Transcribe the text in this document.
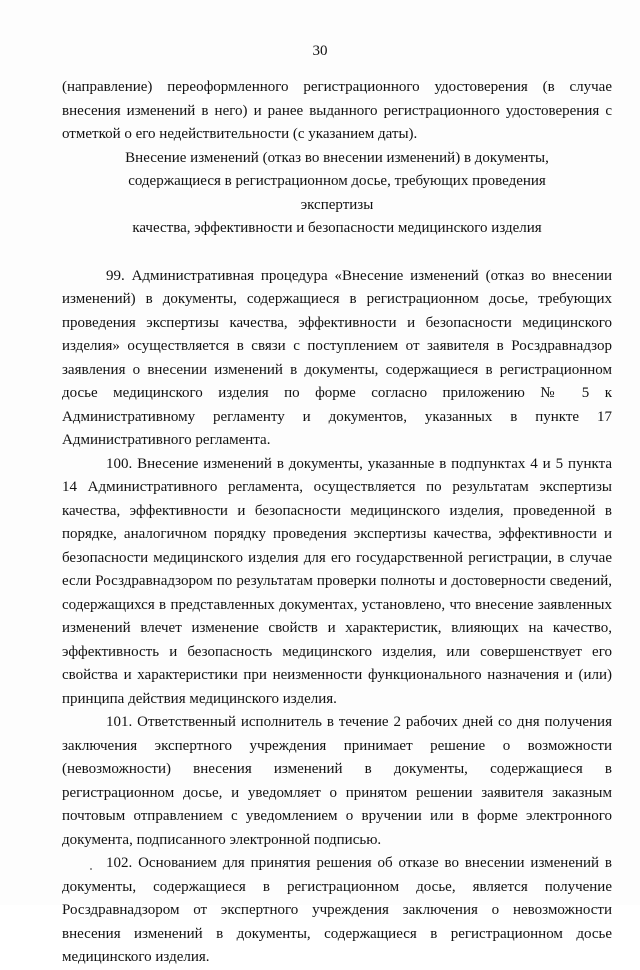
30

(направление) переоформленного регистрационного удостоверения (в случае внесения изменений в него) и ранее выданного регистрационного удостоверения с отметкой о его недействительности (с указанием даты).

Внесение изменений (отказ во внесении изменений) в документы,
содержащиеся в регистрационном досье, требующих проведения экспертизы
качества, эффективности и безопасности медицинского изделия

99. Административная процедура «Внесение изменений (отказ во внесении изменений) в документы, содержащиеся в регистрационном досье, требующих проведения экспертизы качества, эффективности и безопасности медицинского изделия» осуществляется в связи с поступлением от заявителя в Росздравнадзор заявления о внесении изменений в документы, содержащиеся в регистрационном досье медицинского изделия по форме согласно приложению № 5 к Административному регламенту и документов, указанных в пункте 17 Административного регламента.

100. Внесение изменений в документы, указанные в подпунктах 4 и 5 пункта 14 Административного регламента, осуществляется по результатам экспертизы качества, эффективности и безопасности медицинского изделия, проведенной в порядке, аналогичном порядку проведения экспертизы качества, эффективности и безопасности медицинского изделия для его государственной регистрации, в случае если Росздравнадзором по результатам проверки полноты и достоверности сведений, содержащихся в представленных документах, установлено, что внесение заявленных изменений влечет изменение свойств и характеристик, влияющих на качество, эффективность и безопасность медицинского изделия, или совершенствует его свойства и характеристики при неизменности функционального назначения и (или) принципа действия медицинского изделия.

101. Ответственный исполнитель в течение 2 рабочих дней со дня получения заключения экспертного учреждения принимает решение о возможности (невозможности) внесения изменений в документы, содержащиеся в регистрационном досье, и уведомляет о принятом решении заявителя заказным почтовым отправлением с уведомлением о вручении или в форме электронного документа, подписанного электронной подписью.

102. Основанием для принятия решения об отказе во внесении изменений в документы, содержащиеся в регистрационном досье, является получение Росздравнадзором от экспертного учреждения заключения о невозможности внесения изменений в документы, содержащиеся в регистрационном досье медицинского изделия.
